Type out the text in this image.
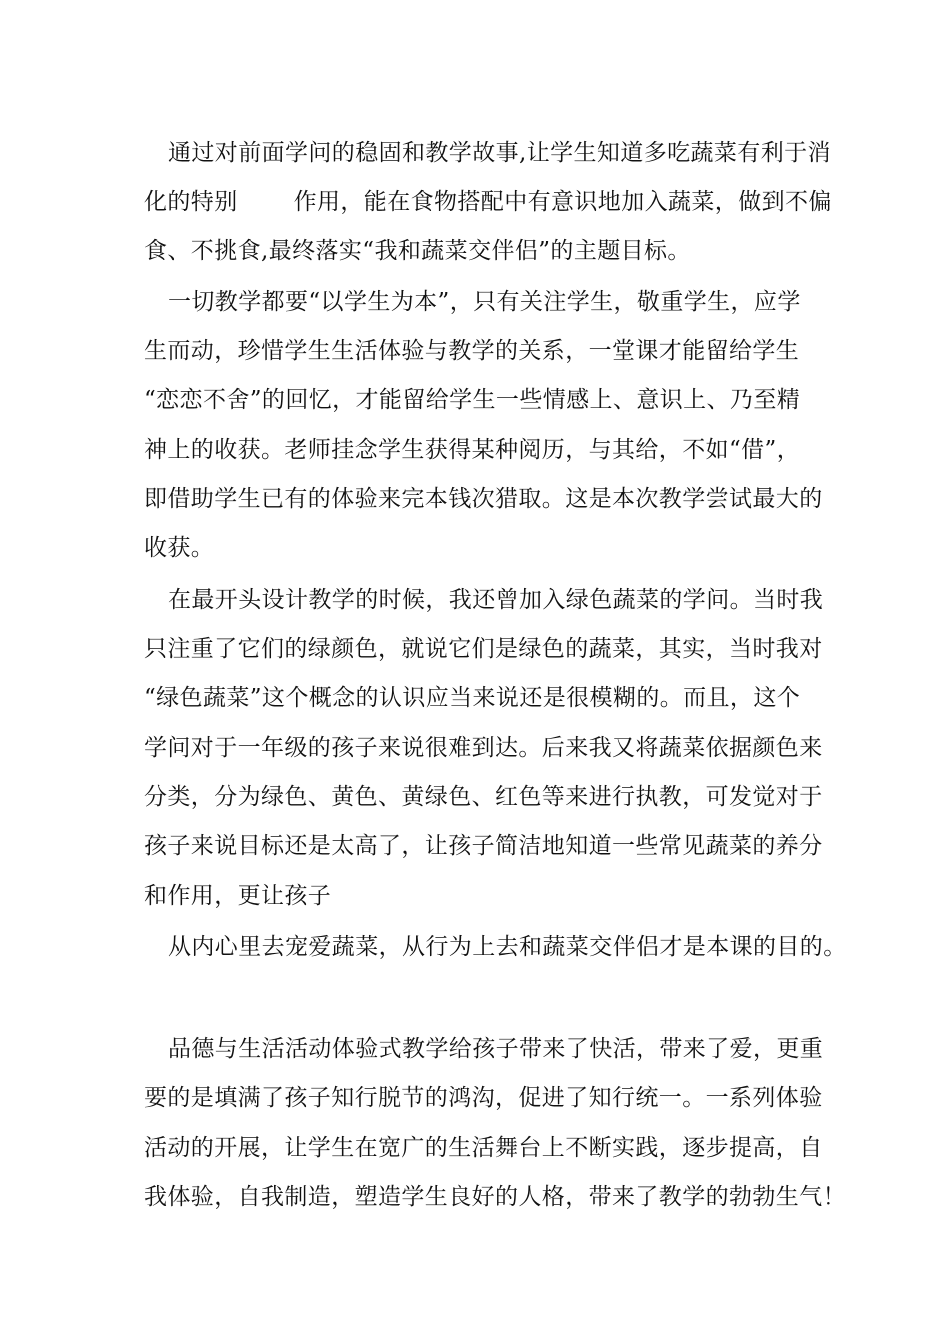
通过对前面学问的稳固和教学故事,让学生知道多吃蔬菜有利于消
化的特别 作用，能在食物搭配中有意识地加入蔬菜，做到不偏
食、不挑食,最终落实“我和蔬菜交伴侣”的主题目标。
一切教学都要“以学生为本”，只有关注学生，敬重学生，应学
生而动，珍惜学生生活体验与教学的关系，一堂课才能留给学生
“恋恋不舍”的回忆，才能留给学生一些情感上、意识上、乃至精
神上的收获。老师挂念学生获得某种阅历，与其给，不如“借”，
即借助学生已有的体验来完本钱次猎取。这是本次教学尝试最大的
收获。
在最开头设计教学的时候，我还曾加入绿色蔬菜的学问。当时我
只注重了它们的绿颜色，就说它们是绿色的蔬菜，其实，当时我对
“绿色蔬菜”这个概念的认识应当来说还是很模糊的。而且，这个
学问对于一年级的孩子来说很难到达。后来我又将蔬菜依据颜色来
分类，分为绿色、黄色、黄绿色、红色等来进行执教，可发觉对于
孩子来说目标还是太高了，让孩子简洁地知道一些常见蔬菜的养分
和作用，更让孩子
从内心里去宠爱蔬菜，从行为上去和蔬菜交伴侣才是本课的目的。
品德与生活活动体验式教学给孩子带来了快活，带来了爱，更重
要的是填满了孩子知行脱节的鸿沟，促进了知行统一。一系列体验
活动的开展，让学生在宽广的生活舞台上不断实践，逐步提高，自
我体验，自我制造，塑造学生良好的人格，带来了教学的勃勃生气！
